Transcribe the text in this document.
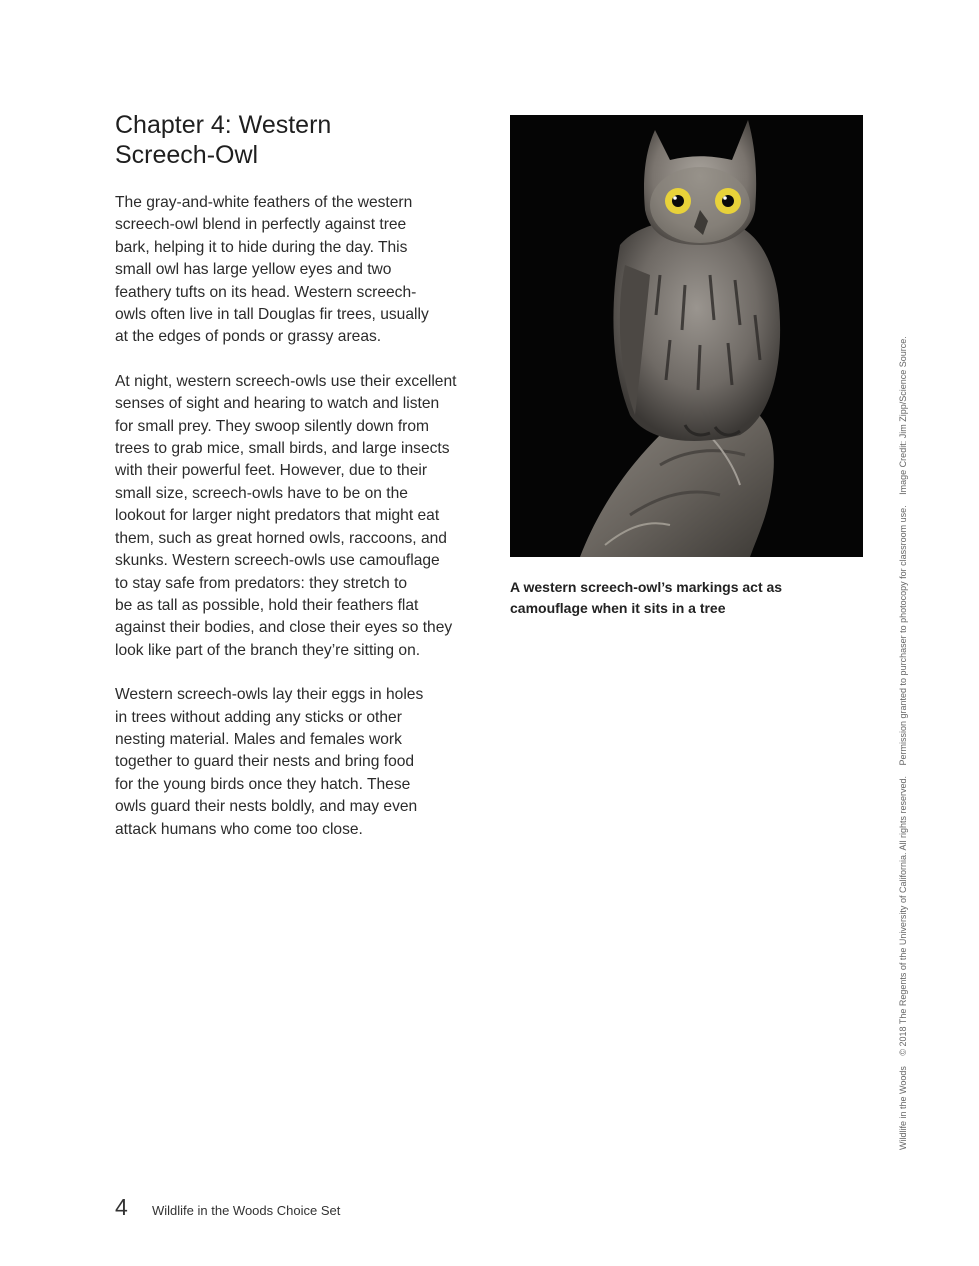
Chapter 4: Western
Screech-Owl

The gray-and-white feathers of the western
screech-owl blend in perfectly against tree
bark, helping it to hide during the day. This
small owl has large yellow eyes and two
feathery tufts on its head. Western screech-
owls often live in tall Douglas fir trees, usually
at the edges of ponds or grassy areas.

At night, western screech-owls use their excellent
senses of sight and hearing to watch and listen
for small prey. They swoop silently down from
trees to grab mice, small birds, and large insects
with their powerful feet. However, due to their
small size, screech-owls have to be on the
lookout for larger night predators that might eat
them, such as great horned owls, raccoons, and
skunks. Western screech-owls use camouflage
to stay safe from predators: they stretch to
be as tall as possible, hold their feathers flat
against their bodies, and close their eyes so they
look like part of the branch they’re sitting on.

Western screech-owls lay their eggs in holes
in trees without adding any sticks or other
nesting material. Males and females work
together to guard their nests and bring food
for the young birds once they hatch. These
owls guard their nests boldly, and may even
attack humans who come too close.

A western screech-owl’s markings act as
camouflage when it sits in a tree
Wildlife in the Woods © 2018 The Regents of the University of California. All rights reserved. Permission granted to purchaser to photocopy for classroom use. Image Credit: Jim Zipp/Science Source.
4 Wildlife in the Woods Choice Set
